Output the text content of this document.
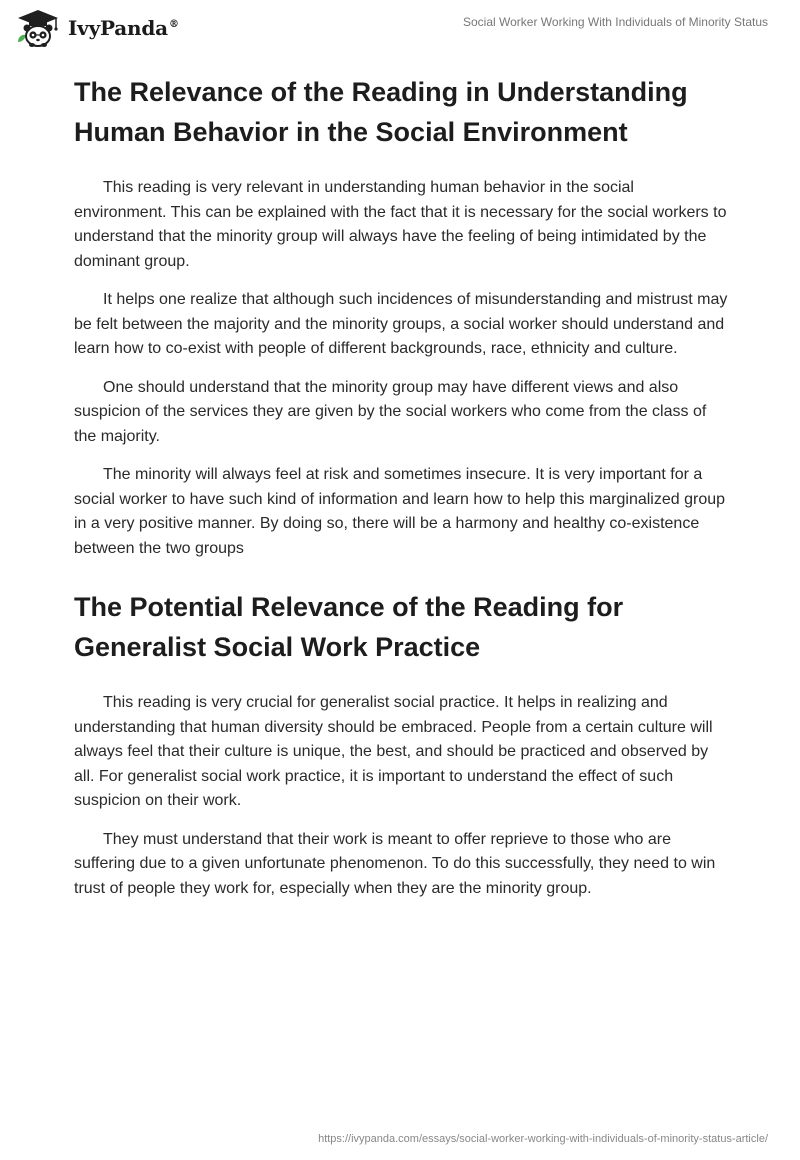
IvyPanda®	Social Worker Working With Individuals of Minority Status
The Relevance of the Reading in Understanding Human Behavior in the Social Environment

This reading is very relevant in understanding human behavior in the social environment. This can be explained with the fact that it is necessary for the social workers to understand that the minority group will always have the feeling of being intimidated by the dominant group.

It helps one realize that although such incidences of misunderstanding and mistrust may be felt between the majority and the minority groups, a social worker should understand and learn how to co-exist with people of different backgrounds, race, ethnicity and culture.

One should understand that the minority group may have different views and also suspicion of the services they are given by the social workers who come from the class of the majority.

The minority will always feel at risk and sometimes insecure. It is very important for a social worker to have such kind of information and learn how to help this marginalized group in a very positive manner. By doing so, there will be a harmony and healthy co-existence between the two groups

The Potential Relevance of the Reading for Generalist Social Work Practice

This reading is very crucial for generalist social practice. It helps in realizing and understanding that human diversity should be embraced. People from a certain culture will always feel that their culture is unique, the best, and should be practiced and observed by all. For generalist social work practice, it is important to understand the effect of such suspicion on their work.

They must understand that their work is meant to offer reprieve to those who are suffering due to a given unfortunate phenomenon. To do this successfully, they need to win trust of people they work for, especially when they are the minority group.

https://ivypanda.com/essays/social-worker-working-with-individuals-of-minority-status-article/
